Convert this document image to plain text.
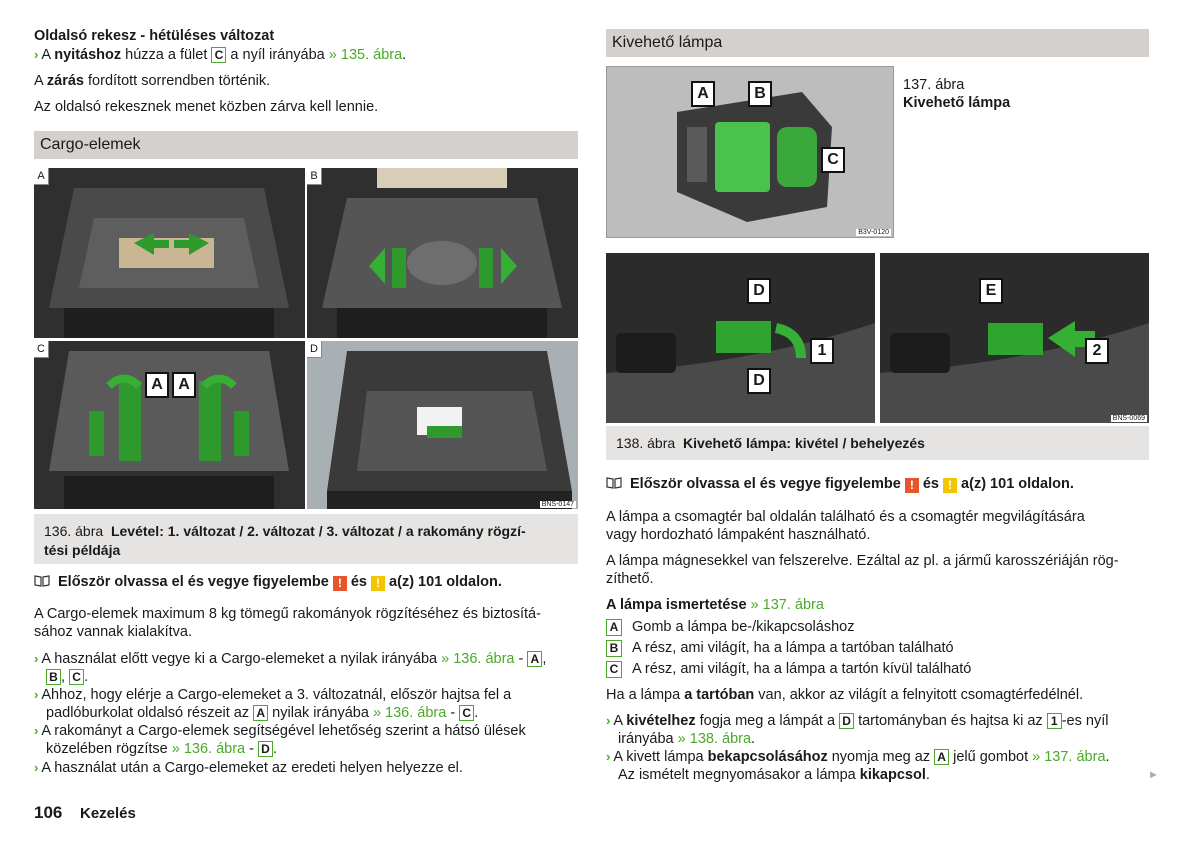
Oldalsó rekesz - hétüléses változat
› A nyitáshoz húzza a fület C a nyíl irányába » 135. ábra.
A zárás fordított sorrendben történik.
Az oldalsó rekesznek menet közben zárva kell lennie.
Cargo-elemek
A	B
C
A A
D
BNS-0147
136. ábra Levétel: 1. változat / 2. változat / 3. változat / a rakomány rögzí-
tési példája
Először olvassa el és vegye figyelembe ! és ! a(z) 101 oldalon.
A Cargo-elemek maximum 8 kg tömegű rakományok rögzítéséhez és biztosítá-
sához vannak kialakítva.
› A használat előtt vegye ki a Cargo-elemeket a nyilak irányába » 136. ábra - A ,
B , C .
› Ahhoz, hogy elérje a Cargo-elemeket a 3. változatnál, először hajtsa fel a
padlóburkolat oldalsó részeit az A nyilak irányába » 136. ábra - C .
› A rakományt a Cargo-elemek segítségével lehetőség szerint a hátsó ülések
közelében rögzítse » 136. ábra - D .
› A használat után a Cargo-elemeket az eredeti helyen helyezze el.
106 Kezelés
Kivehető lámpa
A	B
C
B3V-0120
137. ábra
Kivehető lámpa
D
1
D
E
2
BNS-0069
138. ábra Kivehető lámpa: kivétel / behelyezés
Először olvassa el és vegye figyelembe ! és ! a(z) 101 oldalon.
A lámpa a csomagtér bal oldalán található és a csomagtér megvilágítására
vagy hordozható lámpaként használható.
A lámpa mágnesekkel van felszerelve. Ezáltal az pl. a jármű karosszériáján rög-
zíthető.
A lámpa ismertetése » 137. ábra
A Gomb a lámpa be-/kikapcsoláshoz
B A rész, ami világít, ha a lámpa a tartóban található
C A rész, ami világít, ha a lámpa a tartón kívül található
Ha a lámpa a tartóban van, akkor az világít a felnyitott csomagtérfedélnél.
› A kivételhez fogja meg a lámpát a D tartományban és hajtsa ki az 1 -es nyíl
irányába » 138. ábra.
› A kivett lámpa bekapcsolásához nyomja meg az A jelű gombot » 137. ábra.
Az ismételt megnyomásakor a lámpa kikapcsol.	►
